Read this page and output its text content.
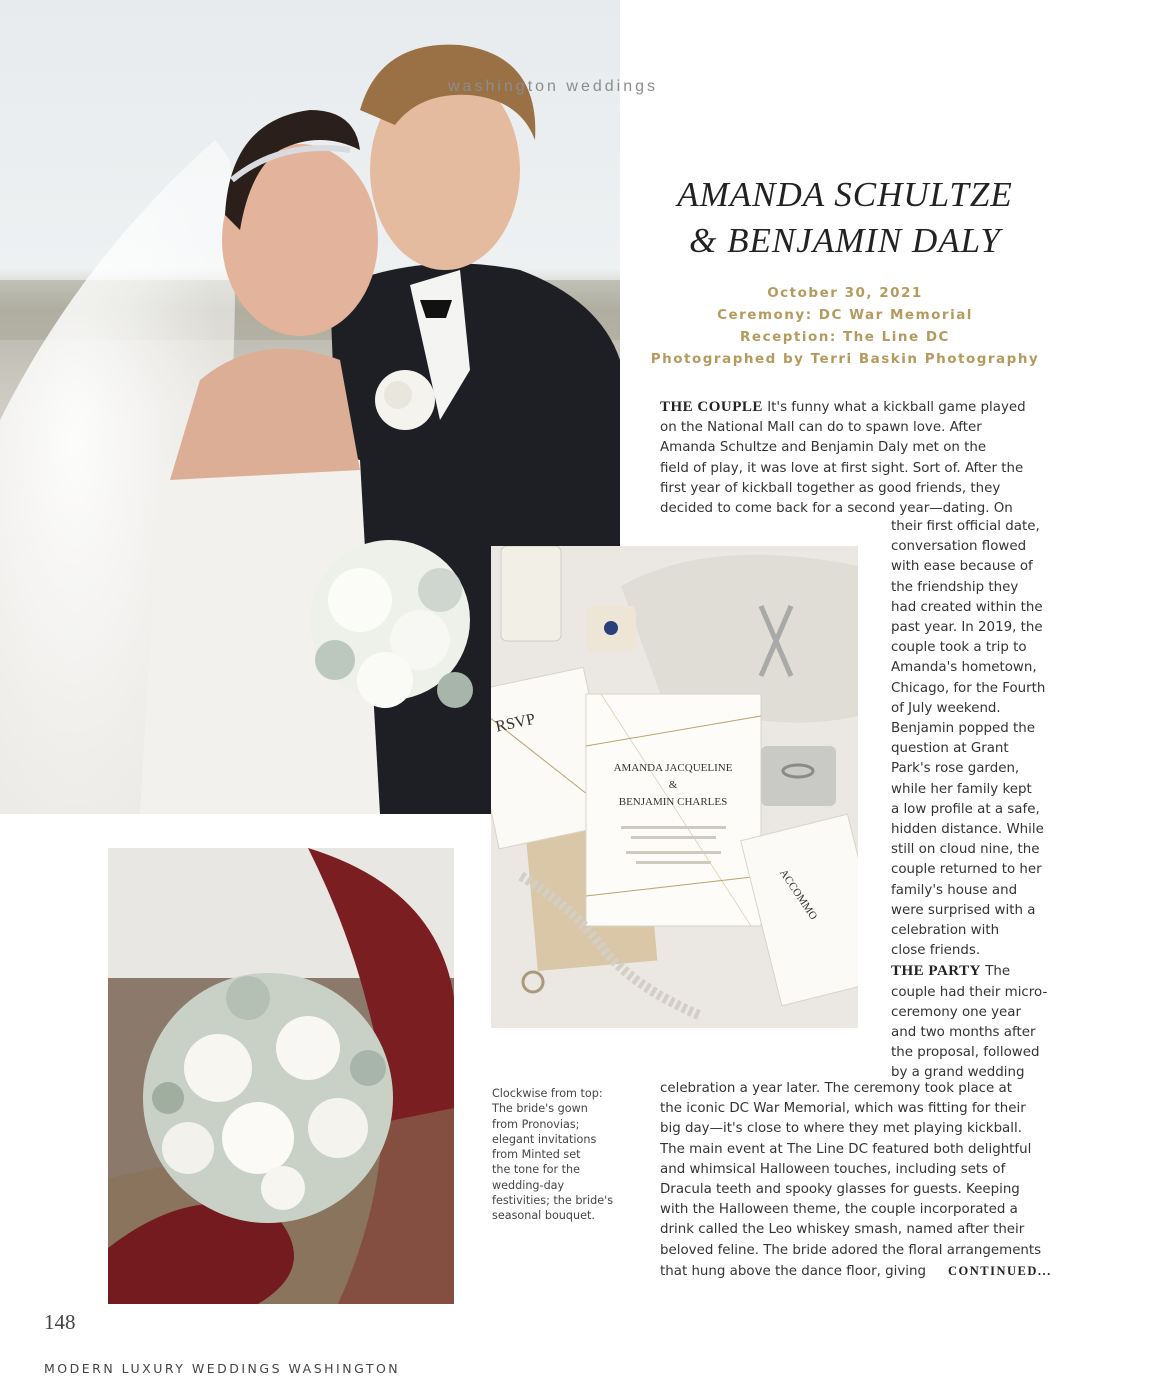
washington weddings
AMANDA SCHULTZE
& BENJAMIN DALY
October 30, 2021
Ceremony: DC War Memorial
Reception: The Line DC
Photographed by Terri Baskin Photography
THE COUPLE It's funny what a kickball game played
on the National Mall can do to spawn love. After
Amanda Schultze and Benjamin Daly met on the
field of play, it was love at first sight. Sort of. After the
first year of kickball together as good friends, they
decided to come back for a second year—dating. On
RSVP
AMANDA JACQUELINE
&
BENJAMIN CHARLES
ACCOMMO
their first official date,
conversation flowed
with ease because of
the friendship they
had created within the
past year. In 2019, the
couple took a trip to
Amanda's hometown,
Chicago, for the Fourth
of July weekend.
Benjamin popped the
question at Grant
Park's rose garden,
while her family kept
a low profile at a safe,
hidden distance. While
still on cloud nine, the
couple returned to her
family's house and
were surprised with a
celebration with
close friends.
THE PARTY The
couple had their micro-
ceremony one year
and two months after
the proposal, followed
by a grand wedding
Clockwise from top:
The bride's gown
from Pronovias;
elegant invitations
from Minted set
the tone for the
wedding-day
festivities; the bride's
seasonal bouquet.
celebration a year later. The ceremony took place at
the iconic DC War Memorial, which was fitting for their
big day—it's close to where they met playing kickball.
The main event at The Line DC featured both delightful
and whimsical Halloween touches, including sets of
Dracula teeth and spooky glasses for guests. Keeping
with the Halloween theme, the couple incorporated a
drink called the Leo whiskey smash, named after their
beloved feline. The bride adored the floral arrangements
that hung above the dance floor, giving CONTINUED...
148
MODERN LUXURY WEDDINGS WASHINGTON
